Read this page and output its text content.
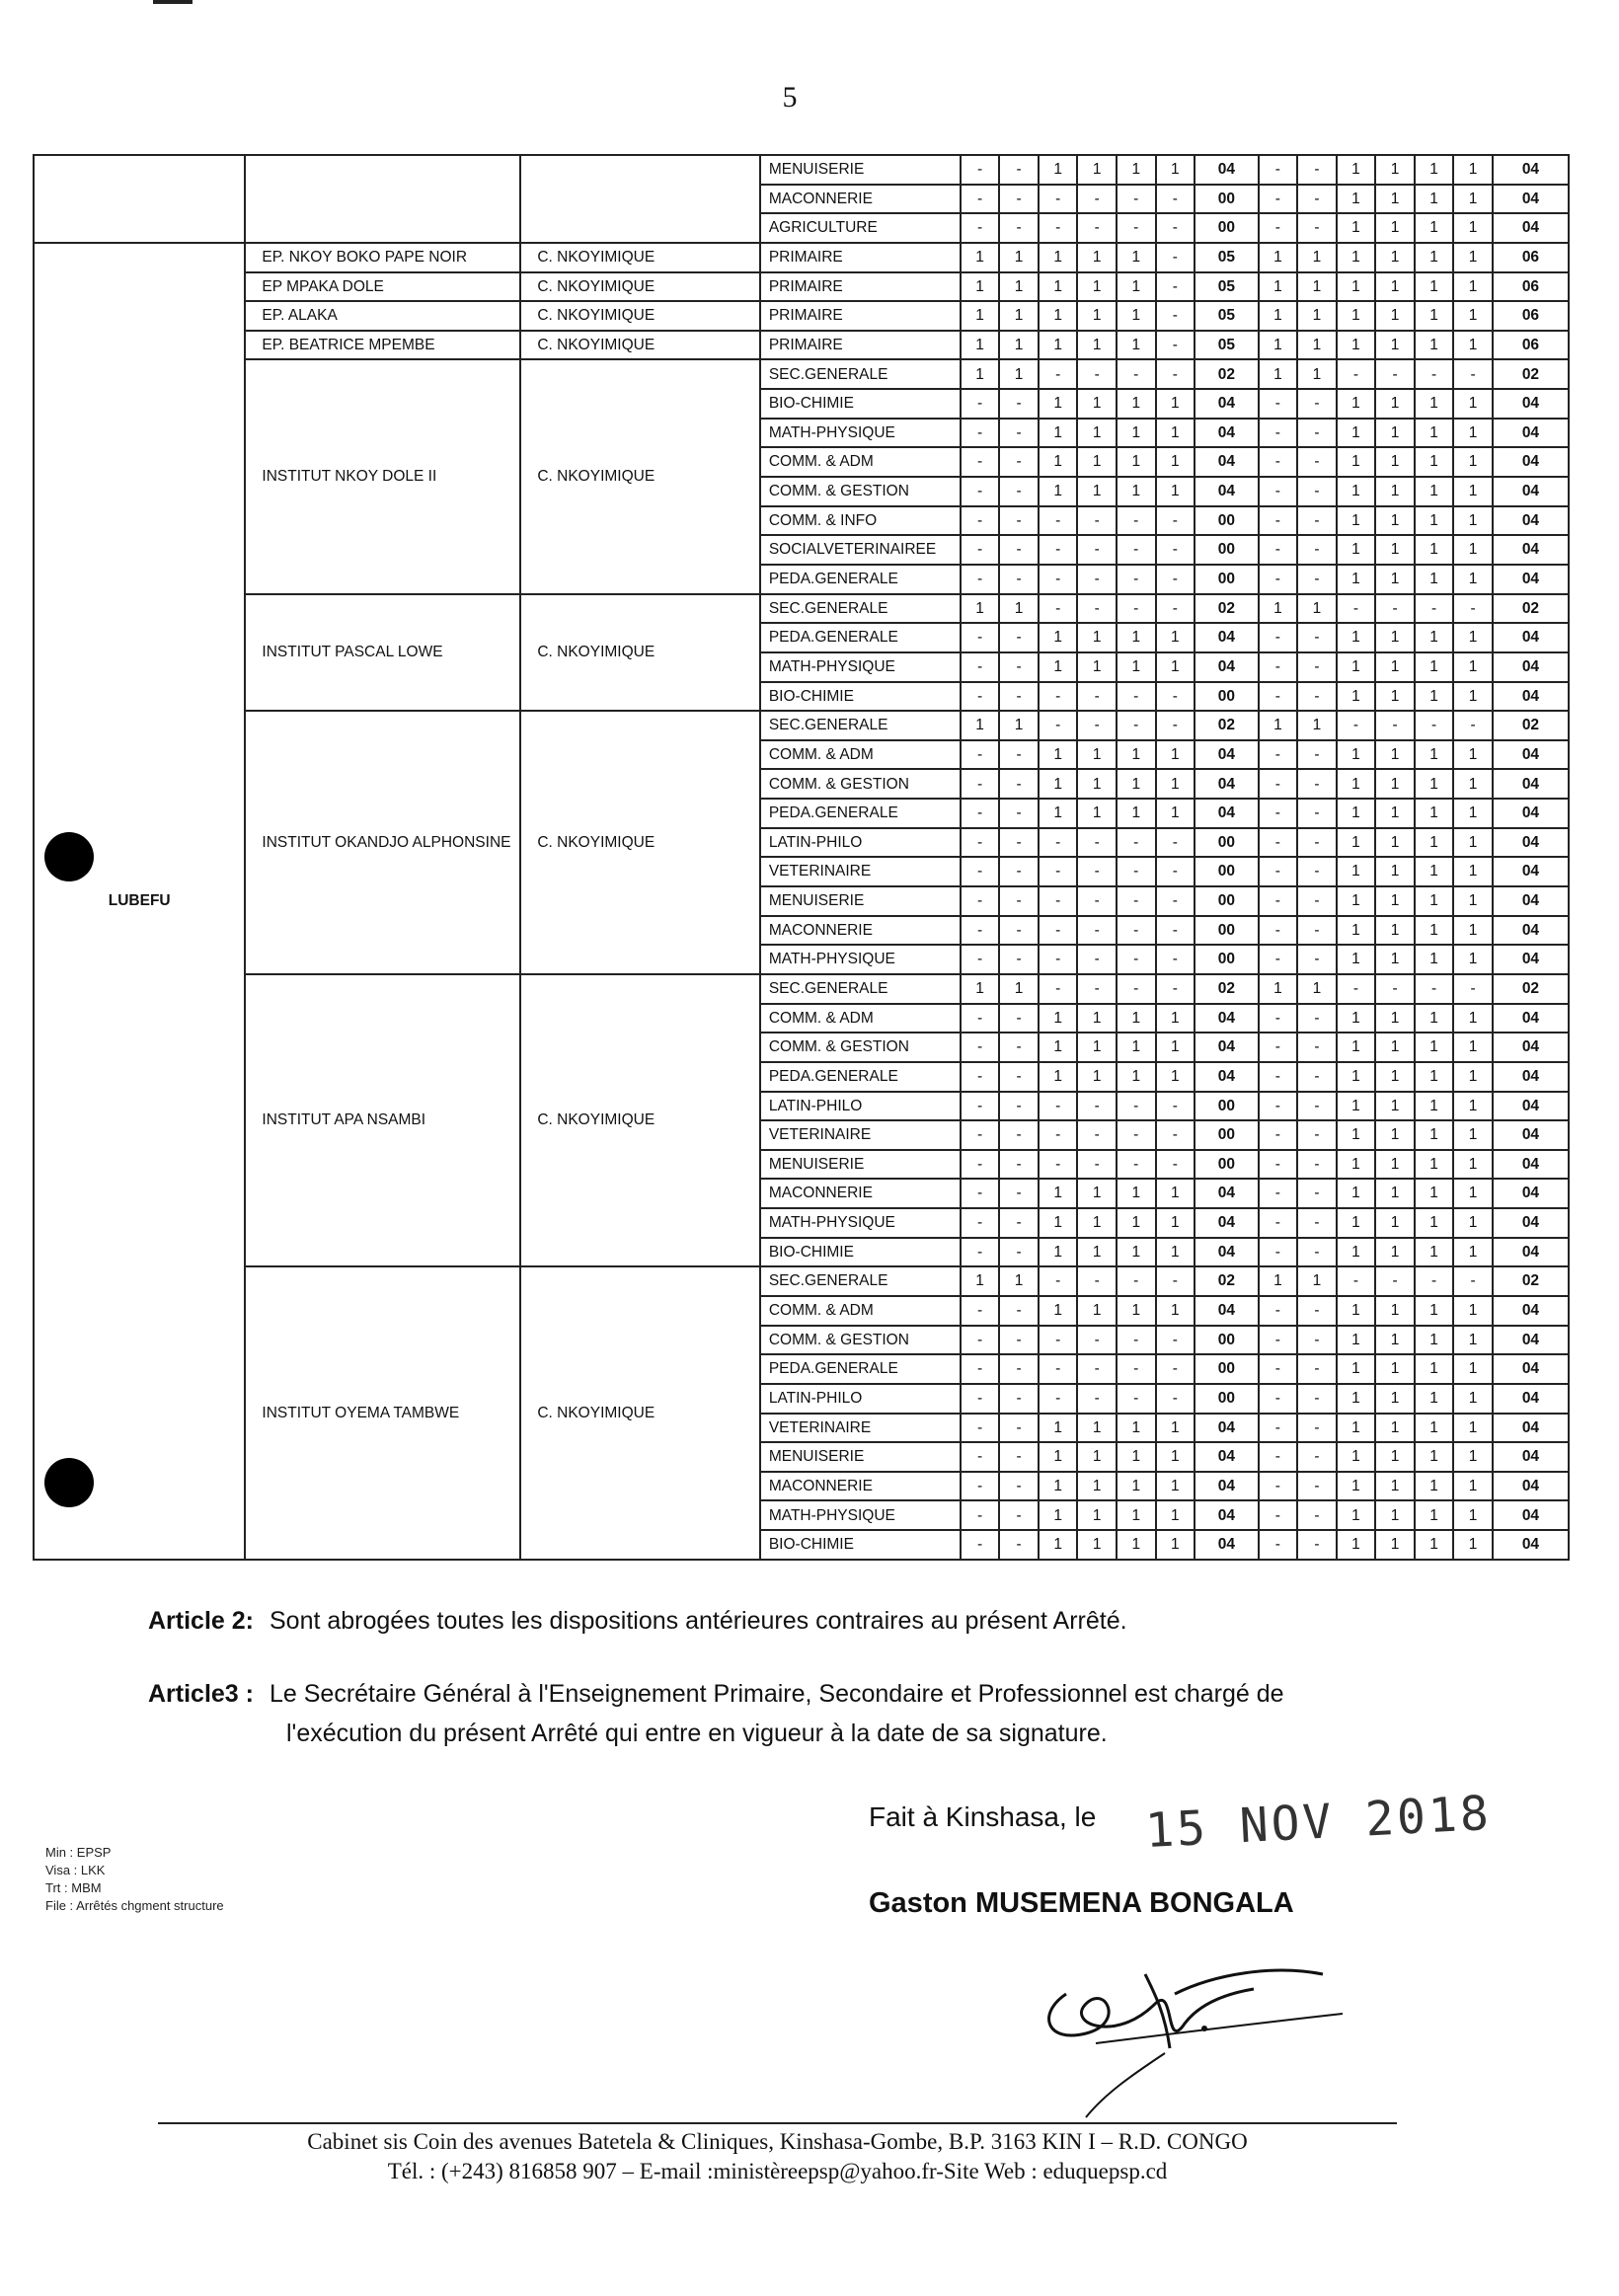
5
			MENUISERIE	-	-	1	1	1	1	04	-	-	1	1	1	1	04
			MACONNERIE	-	-	-	-	-	-	00	-	-	1	1	1	1	04
			AGRICULTURE	-	-	-	-	-	-	00	-	-	1	1	1	1	04
LUBEFU	EP. NKOY BOKO PAPE NOIR	C. NKOYIMIQUE	PRIMAIRE	1	1	1	1	1	-	05	1	1	1	1	1	1	06
	EP MPAKA DOLE	C. NKOYIMIQUE	PRIMAIRE	1	1	1	1	1	-	05	1	1	1	1	1	1	06
	EP. ALAKA	C. NKOYIMIQUE	PRIMAIRE	1	1	1	1	1	-	05	1	1	1	1	1	1	06
	EP. BEATRICE MPEMBE	C. NKOYIMIQUE	PRIMAIRE	1	1	1	1	1	-	05	1	1	1	1	1	1	06
	INSTITUT NKOY DOLE II	C. NKOYIMIQUE	SEC.GENERALE	1	1	-	-	-	-	02	1	1	-	-	-	-	02
			BIO-CHIMIE	-	-	1	1	1	1	04	-	-	1	1	1	1	04
			MATH-PHYSIQUE	-	-	1	1	1	1	04	-	-	1	1	1	1	04
			COMM. & ADM	-	-	1	1	1	1	04	-	-	1	1	1	1	04
			COMM. & GESTION	-	-	1	1	1	1	04	-	-	1	1	1	1	04
			COMM. & INFO	-	-	-	-	-	-	00	-	-	1	1	1	1	04
			SOCIALVETERINAIREE	-	-	-	-	-	-	00	-	-	1	1	1	1	04
			PEDA.GENERALE	-	-	-	-	-	-	00	-	-	1	1	1	1	04
	INSTITUT PASCAL LOWE	C. NKOYIMIQUE	SEC.GENERALE	1	1	-	-	-	-	02	1	1	-	-	-	-	02
			PEDA.GENERALE	-	-	1	1	1	1	04	-	-	1	1	1	1	04
			MATH-PHYSIQUE	-	-	1	1	1	1	04	-	-	1	1	1	1	04
			BIO-CHIMIE	-	-	-	-	-	-	00	-	-	1	1	1	1	04
	INSTITUT OKANDJO ALPHONSINE	C. NKOYIMIQUE	SEC.GENERALE	1	1	-	-	-	-	02	1	1	-	-	-	-	02
			COMM. & ADM	-	-	1	1	1	1	04	-	-	1	1	1	1	04
			COMM. & GESTION	-	-	1	1	1	1	04	-	-	1	1	1	1	04
			PEDA.GENERALE	-	-	1	1	1	1	04	-	-	1	1	1	1	04
			LATIN-PHILO	-	-	-	-	-	-	00	-	-	1	1	1	1	04
			VETERINAIRE	-	-	-	-	-	-	00	-	-	1	1	1	1	04
			MENUISERIE	-	-	-	-	-	-	00	-	-	1	1	1	1	04
			MACONNERIE	-	-	-	-	-	-	00	-	-	1	1	1	1	04
			MATH-PHYSIQUE	-	-	-	-	-	-	00	-	-	1	1	1	1	04
	INSTITUT APA NSAMBI	C. NKOYIMIQUE	SEC.GENERALE	1	1	-	-	-	-	02	1	1	-	-	-	-	02
			COMM. & ADM	-	-	1	1	1	1	04	-	-	1	1	1	1	04
			COMM. & GESTION	-	-	1	1	1	1	04	-	-	1	1	1	1	04
			PEDA.GENERALE	-	-	1	1	1	1	04	-	-	1	1	1	1	04
			LATIN-PHILO	-	-	-	-	-	-	00	-	-	1	1	1	1	04
			VETERINAIRE	-	-	-	-	-	-	00	-	-	1	1	1	1	04
			MENUISERIE	-	-	-	-	-	-	00	-	-	1	1	1	1	04
			MACONNERIE	-	-	1	1	1	1	04	-	-	1	1	1	1	04
			MATH-PHYSIQUE	-	-	1	1	1	1	04	-	-	1	1	1	1	04
			BIO-CHIMIE	-	-	1	1	1	1	04	-	-	1	1	1	1	04
	INSTITUT OYEMA TAMBWE	C. NKOYIMIQUE	SEC.GENERALE	1	1	-	-	-	-	02	1	1	-	-	-	-	02
			COMM. & ADM	-	-	1	1	1	1	04	-	-	1	1	1	1	04
			COMM. & GESTION	-	-	-	-	-	-	00	-	-	1	1	1	1	04
			PEDA.GENERALE	-	-	-	-	-	-	00	-	-	1	1	1	1	04
			LATIN-PHILO	-	-	-	-	-	-	00	-	-	1	1	1	1	04
			VETERINAIRE	-	-	1	1	1	1	04	-	-	1	1	1	1	04
			MENUISERIE	-	-	1	1	1	1	04	-	-	1	1	1	1	04
			MACONNERIE	-	-	1	1	1	1	04	-	-	1	1	1	1	04
			MATH-PHYSIQUE	-	-	1	1	1	1	04	-	-	1	1	1	1	04
			BIO-CHIMIE	-	-	1	1	1	1	04	-	-	1	1	1	1	04
Article 2: Sont abrogées toutes les dispositions antérieures contraires au présent Arrêté.
Article3 : Le Secrétaire Général à l'Enseignement Primaire, Secondaire et Professionnel est chargé de
l'exécution du présent Arrêté qui entre en vigueur à la date de sa signature.
Fait à Kinshasa, le 15 NOV 2018
Gaston MUSEMENA BONGALA
Min : EPSP
Visa : LKK
Trt : MBM
File : Arrêtés chgment structure
Cabinet sis Coin des avenues Batetela & Cliniques, Kinshasa-Gombe, B.P. 3163 KIN I – R.D. CONGO
Tél. : (+243) 816858 907 – E-mail :ministèreepsp@yahoo.fr-Site Web : eduquepsp.cd
